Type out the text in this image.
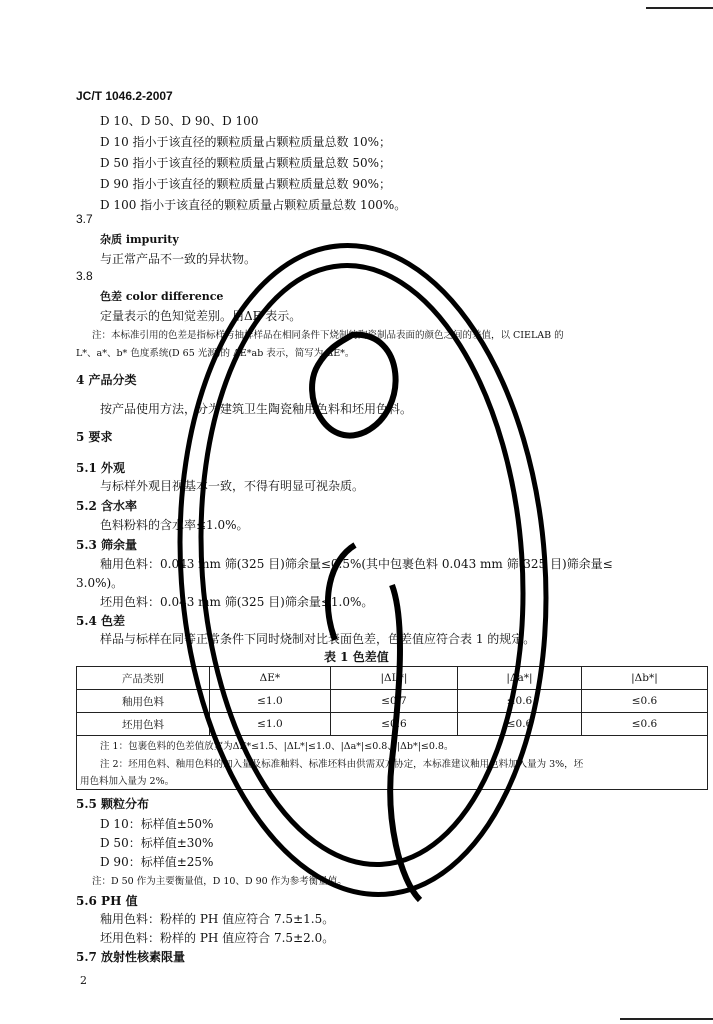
JC/T 1046.2-2007
D 10、D 50、D 90、D 100
D 10 指小于该直径的颗粒质量占颗粒质量总数 10%；
D 50 指小于该直径的颗粒质量占颗粒质量总数 50%；
D 90 指小于该直径的颗粒质量占颗粒质量总数 90%；
D 100 指小于该直径的颗粒质量占颗粒质量总数 100%。
3.7
杂质 impurity
与正常产品不一致的异状物。
3.8
色差 color difference
定量表示的色知觉差别。用ΔE 表示。
注：本标准引用的色差是指标样与抽样样品在相同条件下烧制的陶瓷制品表面的颜色之间的差值，以 CIELAB 的
L*、a*、b* 色度系统(D 65 光源)的 ΔE*ab 表示，简写为 ΔE*。
4 产品分类
按产品使用方法，分为建筑卫生陶瓷釉用色料和坯用色料。
5 要求
5.1 外观
与标样外观目视基本一致，不得有明显可视杂质。
5.2 含水率
色料粉料的含水率≤1.0%。
5.3 筛余量
釉用色料：0.043 mm 筛(325 目)筛余量≤0.5%(其中包裹色料 0.043 mm 筛(325 目)筛余量≤
3.0%)。
坯用色料：0.043 mm 筛(325 目)筛余量≤1.0%。
5.4 色差
样品与标样在同等正常条件下同时烧制对比表面色差，色差值应符合表 1 的规定。
表 1 色差值
产品类别	ΔE*	|ΔL*|	|Δa*|	|Δb*|
釉用色料	≤1.0	≤0.7	≤0.6	≤0.6
坯用色料	≤1.0	≤0.6	≤0.6	≤0.6
注 1：包裹色料的色差值放宽为ΔE*≤1.5、|ΔL*|≤1.0、|Δa*|≤0.8、|Δb*|≤0.8。
注 2：坯用色料、釉用色料的加入量及标准釉料、标准坯料由供需双方协定，本标准建议釉用色料加入量为 3%，坯
用色料加入量为 2%。
5.5 颗粒分布
D 10：标样值±50%
D 50：标样值±30%
D 90：标样值±25%
注：D 50 作为主要衡量值，D 10、D 90 作为参考衡量值。
5.6 PH 值
釉用色料：粉样的 PH 值应符合 7.5±1.5。
坯用色料：粉样的 PH 值应符合 7.5±2.0。
5.7 放射性核素限量
2
